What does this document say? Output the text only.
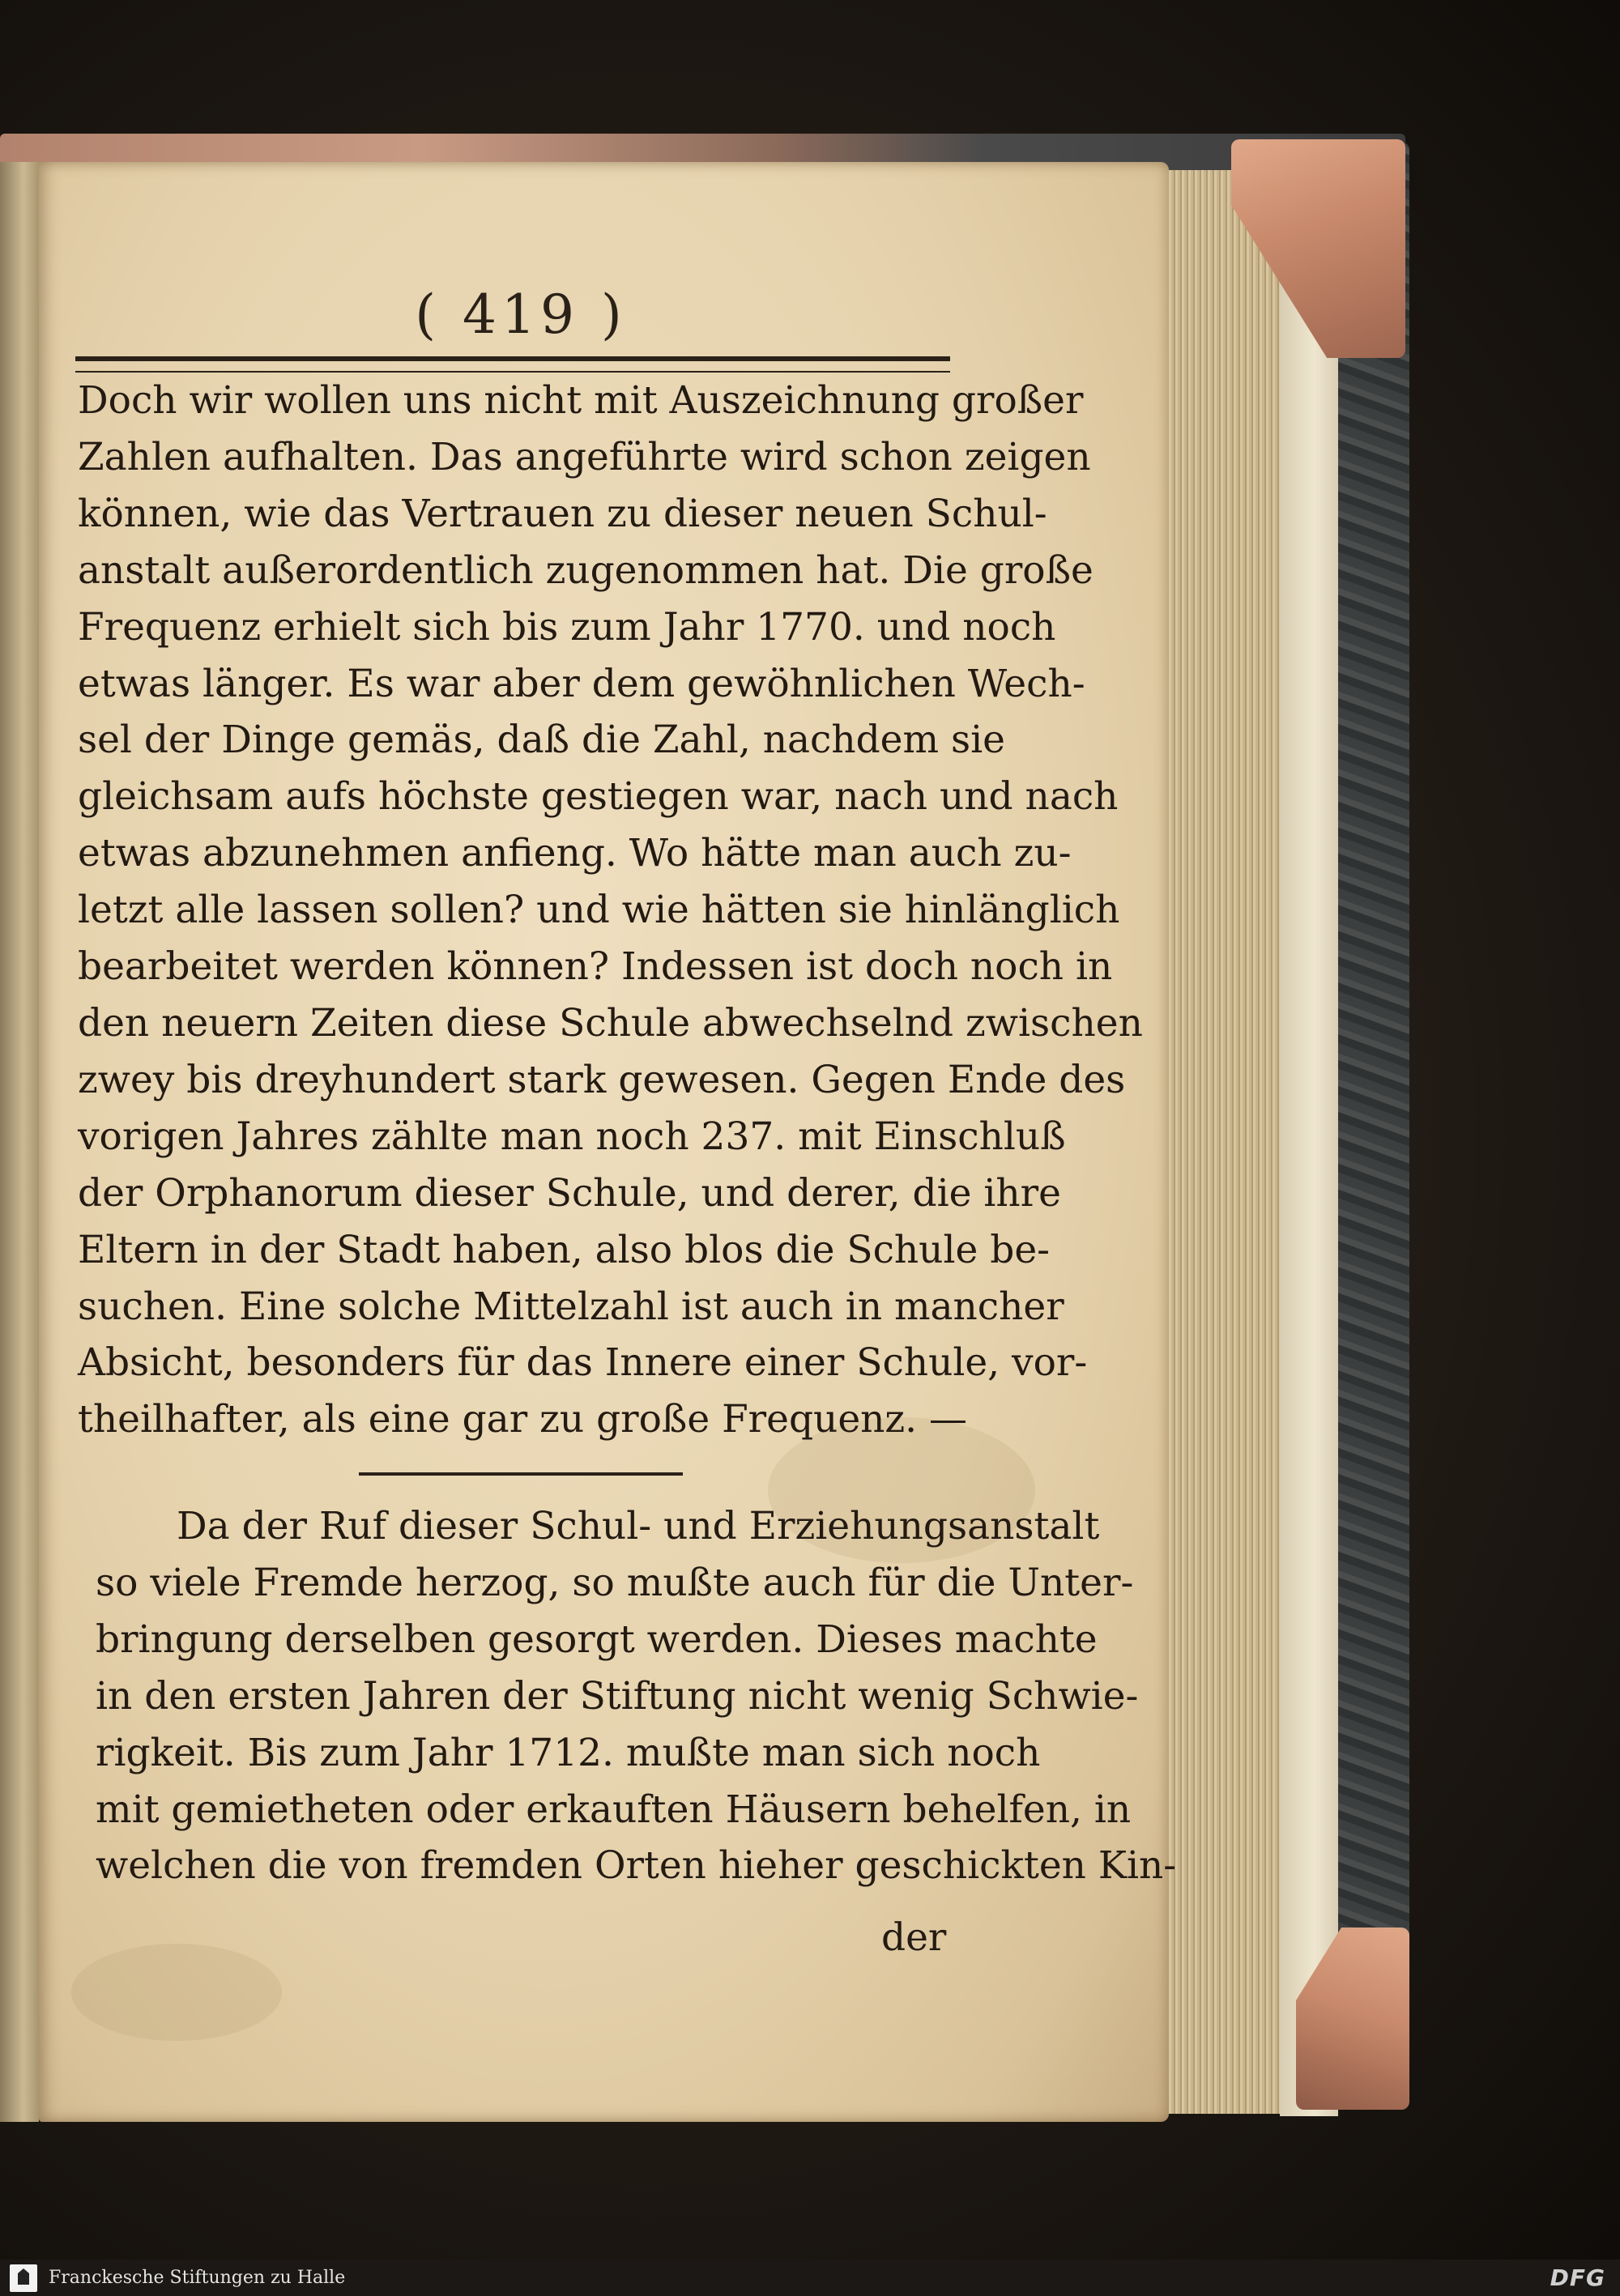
( 419 )
Doch wir wollen uns nicht mit Auszeichnung großer
Zahlen aufhalten. Das angeführte wird schon zeigen
können, wie das Vertrauen zu dieser neuen Schul-
anstalt außerordentlich zugenommen hat. Die große
Frequenz erhielt sich bis zum Jahr 1770. und noch
etwas länger. Es war aber dem gewöhnlichen Wech-
sel der Dinge gemäs, daß die Zahl, nachdem sie
gleichsam aufs höchste gestiegen war, nach und nach
etwas abzunehmen anfieng. Wo hätte man auch zu-
letzt alle lassen sollen? und wie hätten sie hinlänglich
bearbeitet werden können? Indessen ist doch noch in
den neuern Zeiten diese Schule abwechselnd zwischen
zwey bis dreyhundert stark gewesen. Gegen Ende des
vorigen Jahres zählte man noch 237. mit Einschluß
der Orphanorum dieser Schule, und derer, die ihre
Eltern in der Stadt haben, also blos die Schule be-
suchen. Eine solche Mittelzahl ist auch in mancher
Absicht, besonders für das Innere einer Schule, vor-
theilhafter, als eine gar zu große Frequenz. —
Da der Ruf dieser Schul- und Erziehungsanstalt
so viele Fremde herzog, so mußte auch für die Unter-
bringung derselben gesorgt werden. Dieses machte
in den ersten Jahren der Stiftung nicht wenig Schwie-
rigkeit. Bis zum Jahr 1712. mußte man sich noch
mit gemietheten oder erkauften Häusern behelfen, in
welchen die von fremden Orten hieher geschickten Kin-
der
Franckesche Stiftungen zu Halle	DFG
